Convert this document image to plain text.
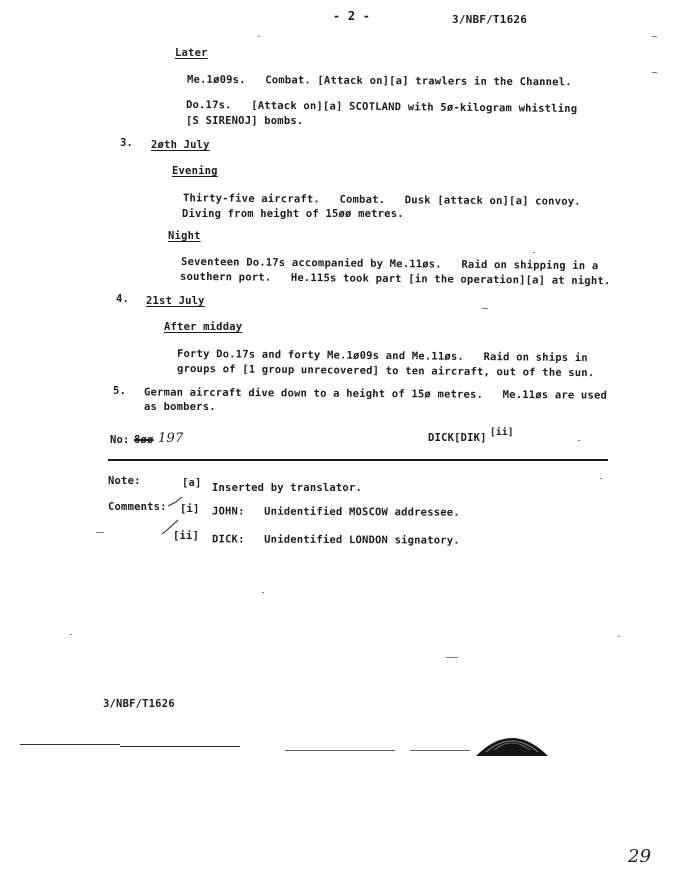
- 2 -	3/NBF/T1626
Later
Me.1ø09s.   Combat. [Attack on][a] trawlers in the Channel.
Do.17s.   [Attack on][a] SCOTLAND with 5ø-kilogram whistling
[S SIRENOJ] bombs.
3. 2øth July
Evening
Thirty-five aircraft.   Combat.   Dusk [attack on][a] convoy.
Diving from height of 15øø metres.
Night
Seventeen Do.17s accompanied by Me.11øs.   Raid on shipping in a
southern port.   He.115s took part [in the operation][a] at night.
4. 21st July
After midday
Forty Do.17s and forty Me.1ø09s and Me.11øs.   Raid on ships in
groups of [1 group unrecovered] to ten aircraft, out of the sun.
5. German aircraft dive down to a height of 15ø metres.   Me.11øs are used
as bombers.
No: 8øø 197	DICK[DIK] [ii]
Note:	[a] Inserted by translator.
Comments: [i] JOHN:   Unidentified MOSCOW addressee.
[ii] DICK:   Unidentified LONDON signatory.
3/NBF/T1626
29
